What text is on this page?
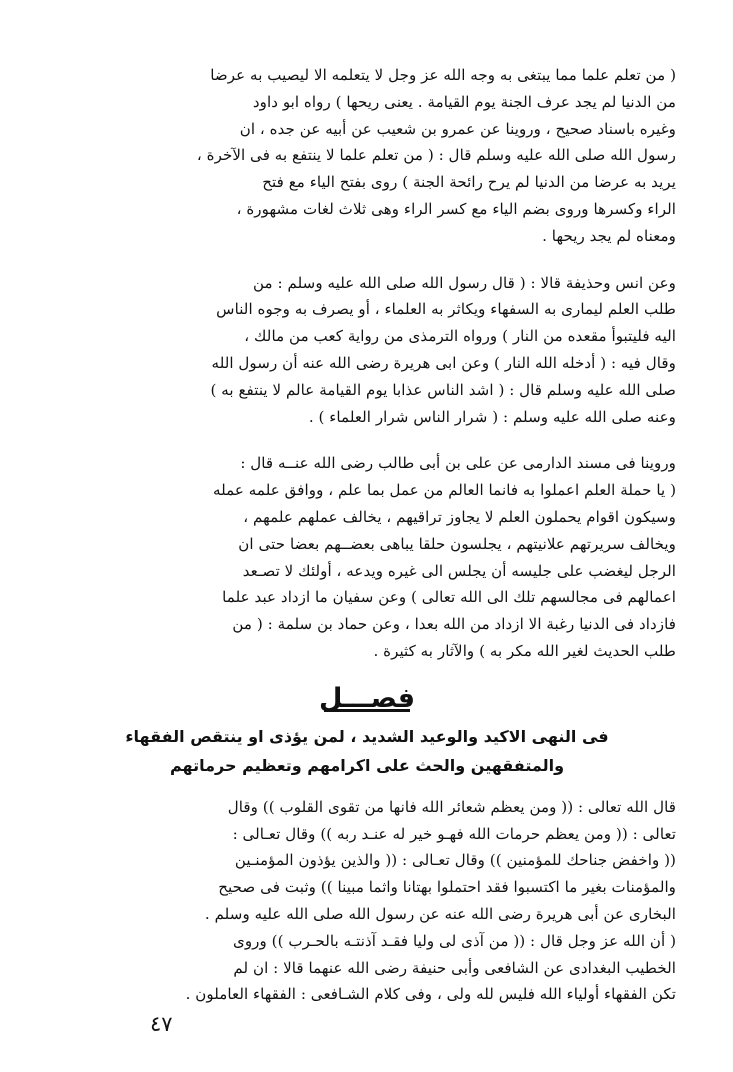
( من تعلم علما مما يبتغى به وجه الله عز وجل لا يتعلمه الا ليصيب به عرضا

من الدنيا لم يجد عرف الجنة يوم القيامة . يعنى ريحها ) رواه ابو داود

وغيره باسناد صحيح ، وروينا عن عمرو بن شعيب عن أبيه عن جده ، ان

رسول الله صلى الله عليه وسلم قال : ( من تعلم علما لا ينتفع به فى الآخرة ،

يريد به عرضا من الدنيا لم يرح رائحة الجنة ) روى بفتح الياء مع فتح

الراء وكسرها وروى بضم الياء مع كسر الراء وهى ثلاث لغات مشهورة ،

ومعناه لم يجد ريحها .

وعن انس وحذيفة قالا : ( قال رسول الله صلى الله عليه وسلم : من

طلب العلم ليمارى به السفهاء ويكاثر به العلماء ، أو يصرف به وجوه الناس

اليه فليتبوأ مقعده من النار ) ورواه الترمذى من رواية كعب من مالك ،

وقال فيه : ( أدخله الله النار ) وعن ابى هريرة رضى الله عنه أن رسول الله

صلى الله عليه وسلم قال : ( اشد الناس عذابا يوم القيامة عالم لا ينتفع به )

وعنه صلى الله عليه وسلم : ( شرار الناس شرار العلماء ) .

وروينا فى مسند الدارمى عن على بن أبى طالب رضى الله عنــه قال :

( يا حملة العلم اعملوا به فانما العالم من عمل بما علم ، ووافق علمه عمله

وسيكون اقوام يحملون العلم لا يجاوز تراقيهم ، يخالف عملهم علمهم ،

ويخالف سريرتهم علانيتهم ، يجلسون حلقا يباهى بعضــهم بعضا حتى ان

الرجل ليغضب على جليسه أن يجلس الى غيره ويدعه ، أولئك لا تصـعد

اعمالهم فى مجالسهم تلك الى الله تعالى ) وعن سفيان ما ازداد عبد علما

فازداد فى الدنيا رغبة الا ازداد من الله بعدا ، وعن حماد بن سلمة : ( من

طلب الحديث لغير الله مكر به ) والآثار به كثيرة .

فصـــل

فى النهى الاكيد والوعيد الشديد ، لمن يؤذى او ينتقص الفقهاء

والمتفقهين والحث على اكرامهم وتعظيم حرماتهم

قال الله تعالى : (( ومن يعظم شعائر الله فانها من تقوى القلوب )) وقال

تعالى : (( ومن يعظم حرمات الله فهـو خير له عنـد ربه )) وقال تعـالى :

(( واخفض جناحك للمؤمنين )) وقال تعـالى : (( والذين يؤذون المؤمنـين

والمؤمنات بغير ما اكتسبوا فقد احتملوا بهتانا واثما مبينا )) وثبت فى صحيح

البخارى عن أبى هريرة رضى الله عنه عن رسول الله صلى الله عليه وسلم .

( أن الله عز وجل قال : (( من آذى لى وليا فقـد آذنتـه بالحـرب )) وروى

الخطيب البغدادى عن الشافعى وأبى حنيفة رضى الله عنهما قالا : ان لم

تكن الفقهاء أولياء الله فليس لله ولى ، وفى كلام الشـافعى : الفقهاء العاملون .

٤٧
